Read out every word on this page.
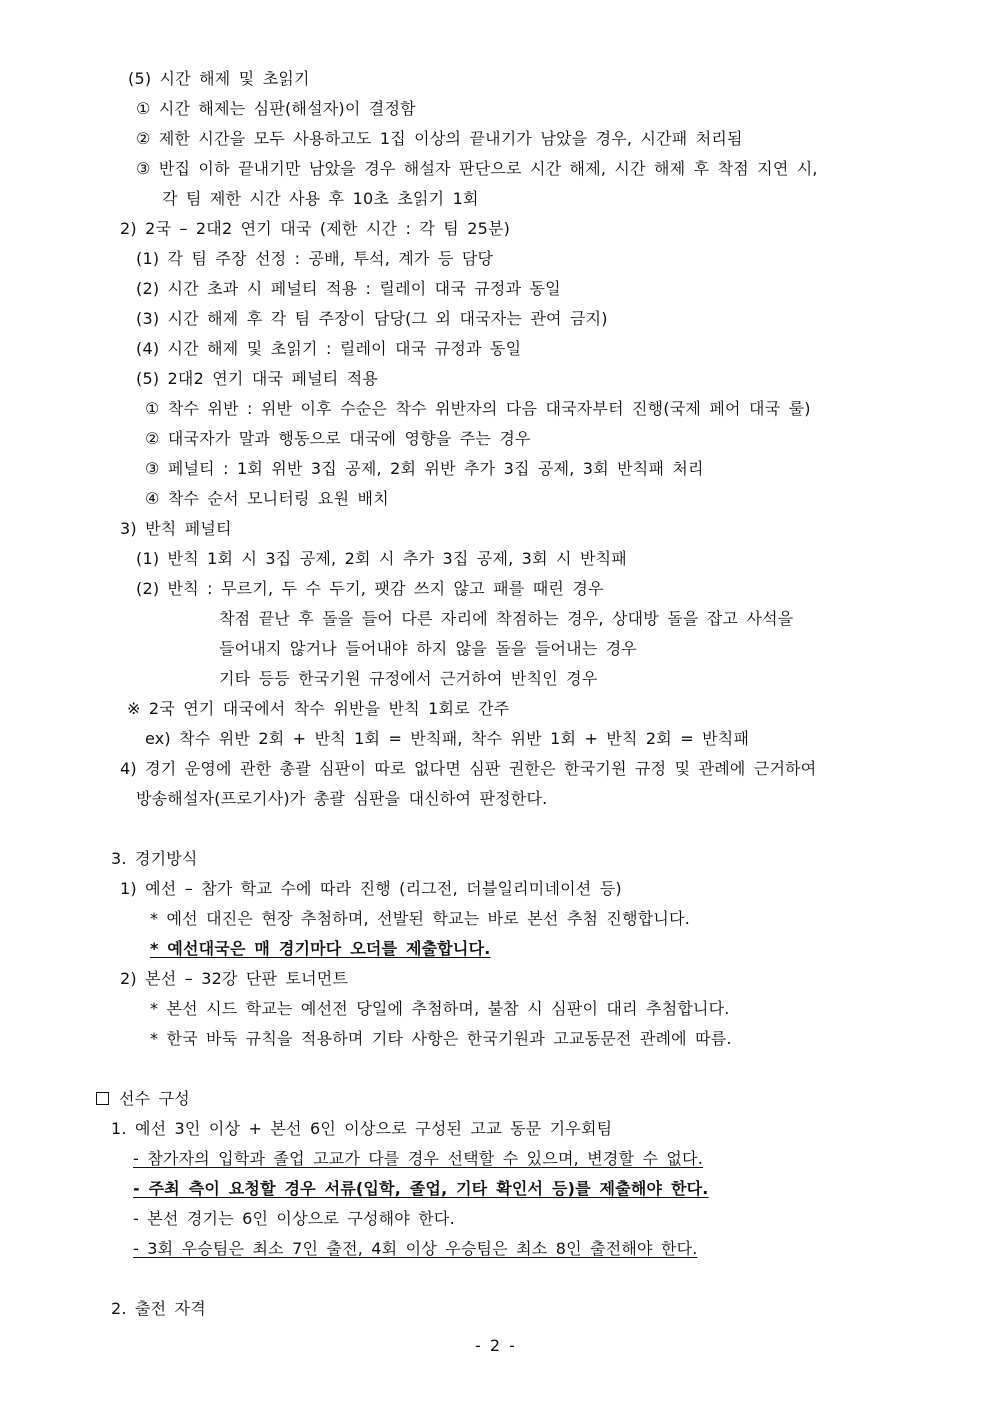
(5) 시간 해제 및 초읽기
① 시간 해제는 심판(해설자)이 결정함
② 제한 시간을 모두 사용하고도 1집 이상의 끝내기가 남았을 경우, 시간패 처리됨
③ 반집 이하 끝내기만 남았을 경우 해설자 판단으로 시간 해제, 시간 해제 후 착점 지연 시,
각 팀 제한 시간 사용 후 10초 초읽기 1회
2) 2국 – 2대2 연기 대국 (제한 시간 : 각 팀 25분)
(1) 각 팀 주장 선정 : 공배, 투석, 계가 등 담당
(2) 시간 초과 시 페널티 적용 : 릴레이 대국 규정과 동일
(3) 시간 해제 후 각 팀 주장이 담당(그 외 대국자는 관여 금지)
(4) 시간 해제 및 초읽기 : 릴레이 대국 규정과 동일
(5) 2대2 연기 대국 페널티 적용
① 착수 위반 : 위반 이후 수순은 착수 위반자의 다음 대국자부터 진행(국제 페어 대국 룰)
② 대국자가 말과 행동으로 대국에 영향을 주는 경우
③ 페널티 : 1회 위반 3집 공제, 2회 위반 추가 3집 공제, 3회 반칙패 처리
④ 착수 순서 모니터링 요원 배치
3) 반칙 페널티
(1) 반칙 1회 시 3집 공제, 2회 시 추가 3집 공제, 3회 시 반칙패
(2) 반칙 : 무르기, 두 수 두기, 팻감 쓰지 않고 패를 때린 경우
착점 끝난 후 돌을 들어 다른 자리에 착점하는 경우, 상대방 돌을 잡고 사석을
들어내지 않거나 들어내야 하지 않을 돌을 들어내는 경우
기타 등등 한국기원 규정에서 근거하여 반칙인 경우
※ 2국 연기 대국에서 착수 위반을 반칙 1회로 간주
ex) 착수 위반 2회 + 반칙 1회 = 반칙패, 착수 위반 1회 + 반칙 2회 = 반칙패
4) 경기 운영에 관한 총괄 심판이 따로 없다면 심판 권한은 한국기원 규정 및 관례에 근거하여
방송해설자(프로기사)가 총괄 심판을 대신하여 판정한다.
3. 경기방식
1) 예선 – 참가 학교 수에 따라 진행 (리그전, 더블일리미네이션 등)
* 예선 대진은 현장 추첨하며, 선발된 학교는 바로 본선 추첨 진행합니다.
* 예선대국은 매 경기마다 오더를 제출합니다.
2) 본선 – 32강 단판 토너먼트
* 본선 시드 학교는 예선전 당일에 추첨하며, 불참 시 심판이 대리 추첨합니다.
* 한국 바둑 규칙을 적용하며 기타 사항은 한국기원과 고교동문전 관례에 따름.
선수 구성
1. 예선 3인 이상 + 본선 6인 이상으로 구성된 고교 동문 기우회팀
- 참가자의 입학과 졸업 고교가 다를 경우 선택할 수 있으며, 변경할 수 없다.
- 주최 측이 요청할 경우 서류(입학, 졸업, 기타 확인서 등)를 제출해야 한다.
- 본선 경기는 6인 이상으로 구성해야 한다.
- 3회 우승팀은 최소 7인 출전, 4회 이상 우승팀은 최소 8인 출전해야 한다.
2. 출전 자격
- 2 -
